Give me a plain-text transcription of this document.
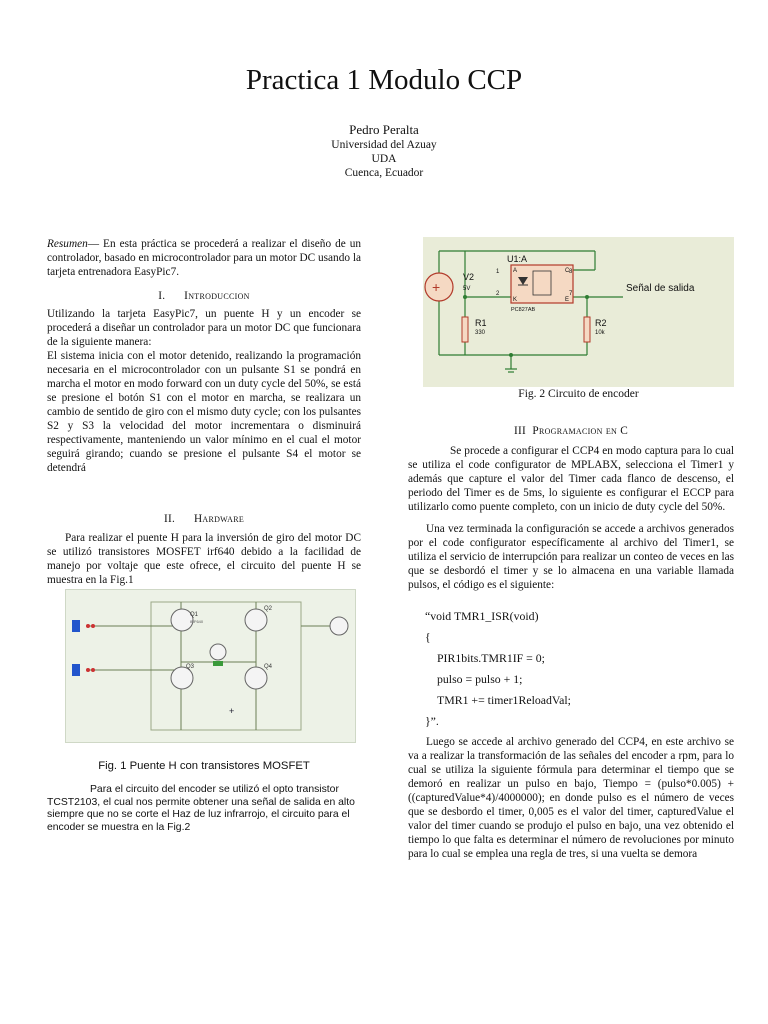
Practica 1 Modulo CCP
Pedro Peralta
Universidad del Azuay
UDA
Cuenca, Ecuador

Resumen— En esta práctica se procederá a realizar el diseño de un controlador, basado en microcontrolador para un motor DC usando la tarjeta entrenadora EasyPic7.

I. Introduccion

Utilizando la tarjeta EasyPic7, un puente H y un encoder se procederá a diseñar un controlador para un motor DC que funcionara de la siguiente manera:

El sistema inicia con el motor detenido, realizando la programación necesaria en el microcontrolador con un pulsante S1 se pondrá en marcha el motor en modo forward con un duty cycle del 50%, se está se presione el botón S1 con el motor en marcha, se realizara un cambio de sentido de giro con el mismo duty cycle; con los pulsantes S2 y S3 la velocidad del motor incrementara o disminuirá respectivamente, manteniendo un valor mínimo en el cual el motor seguirá girando; cuando se presione el pulsante S4 el motor se detendrá

II. Hardware

Para realizar el puente H para la inversión de giro del motor DC se utilizó transistores MOSFET irf640 debido a la facilidad de manejo por voltaje que este ofrece, el circuito del puente H se muestra en la Fig.1

Q1
Q2
Q3	Q4
IRF640
+
Fig. 1 Puente H con transistores MOSFET
Para el circuito del encoder se utilizó el opto transistor TCST2103, el cual nos permite obtener una señal de salida en alto siempre que no se corte el Haz de luz infrarrojo, el circuito para el encoder se muestra en la Fig.2
+
U1:A
V2
5V
R1
330
R2
10k
PC827AB
Señal de salida
1	8
2	7
A	C
K	E
Fig. 2 Circuito de encoder
III Programacion en C

Se procede a configurar el CCP4 en modo captura para lo cual se utiliza el code configurator de MPLABX, selecciona el Timer1 y además que capture el valor del Timer cada flanco de descenso, el periodo del Timer es de 5ms, lo siguiente es configurar el ECCP para utilizarlo como puente completo, con un inicio de duty cycle del 50%.

Una vez terminada la configuración se accede a archivos generados por el code configurator específicamente al archivo del Timer1, se utiliza el servicio de interrupción para realizar un conteo de veces en las que se desbordó el timer y se lo almacena en una variable llamada pulsos, el código es el siguiente:

“void TMR1_ISR(void)
{
PIR1bits.TMR1IF = 0;
pulso = pulso + 1;
TMR1 += timer1ReloadVal;
}”.

Luego se accede al archivo generado del CCP4, en este archivo se va a realizar la transformación de las señales del encoder a rpm, para lo cual se utiliza la siguiente fórmula para determinar el tiempo que se demoró en realizar un pulso en bajo, Tiempo = (pulso*0.005) + ((capturedValue*4)/4000000); en donde pulso es el número de veces que se desbordo el timer, 0,005 es el valor del timer, capturedValue el valor del timer cuando se produjo el pulso en bajo, una vez obtenido el tiempo lo que falta es determinar el número de revoluciones por minuto para lo cual se emplea una regla de tres, si una vuelta se demora
